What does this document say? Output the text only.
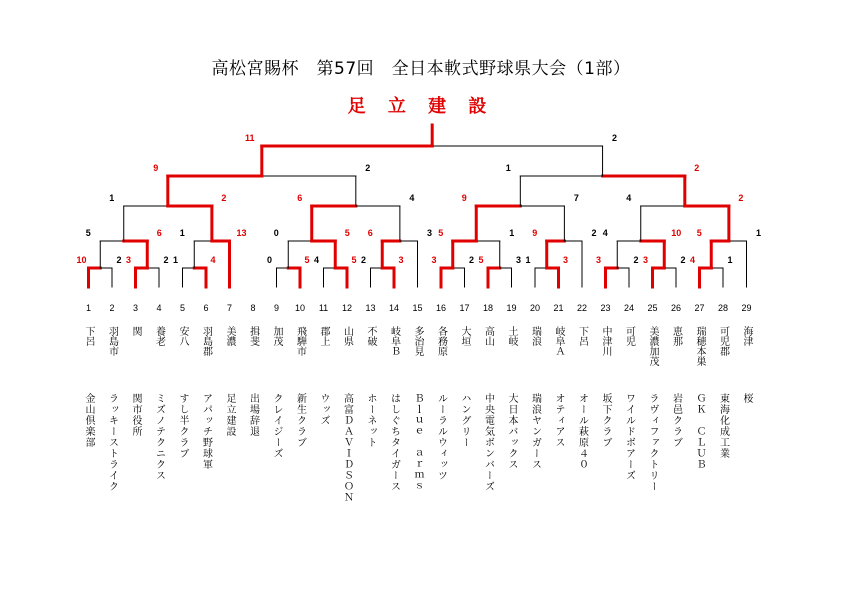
高松宮賜杯　第57回　全日本軟式野球県大会（1部）
足 立 建 設
10	2 3	2 1	4	0	5 4	5 2	3	3	2 5	3 1	3	3	2 3	2 4	1
5	6 1	13	0	5 6	3 5	1 9	2 4	10 5	1
1	2	6	4	9	7	4	2
9	2	1	2
11	2
1 2 3 4 5 6 7 8 9 10 11 12 13 14 15 16 17 18 19 20 21 22 23 24 25 26 27 28 29
下呂
金山倶楽部
羽島市
ラッキーストライク
関
関市役所
養老
ミズノテクニクス
安八
すし半クラブ
羽島郡
アパッチ野球軍
美濃
足立建設
揖斐
出場辞退
加茂
クレイジーズ
飛騨市
新生クラブ
郡上
ウッズ
山県
高富ＤＡＶＩＤＳＯＮ
不破
ホーネット
岐阜Ｂ
はしぐちタイガース
多治見
Ｂｌｕｅ　ａｒｍｓ
各務原
ルーラルウィッツ
大垣
ハングリー
高山
中央電気ボンバーズ
土岐
大日本バックス
瑞浪
瑞浪ヤンガース
岐阜Ａ
オティアス
下呂
オール萩原４０
中津川
坂下クラブ
可児
ワイルドボアーズ
美濃加茂
ラヴィファクトリー
恵那
岩邑クラブ
瑞穂本巣
ＧＫ　ＣＬＵＢ
可児郡
東海化成工業
海津
桜
